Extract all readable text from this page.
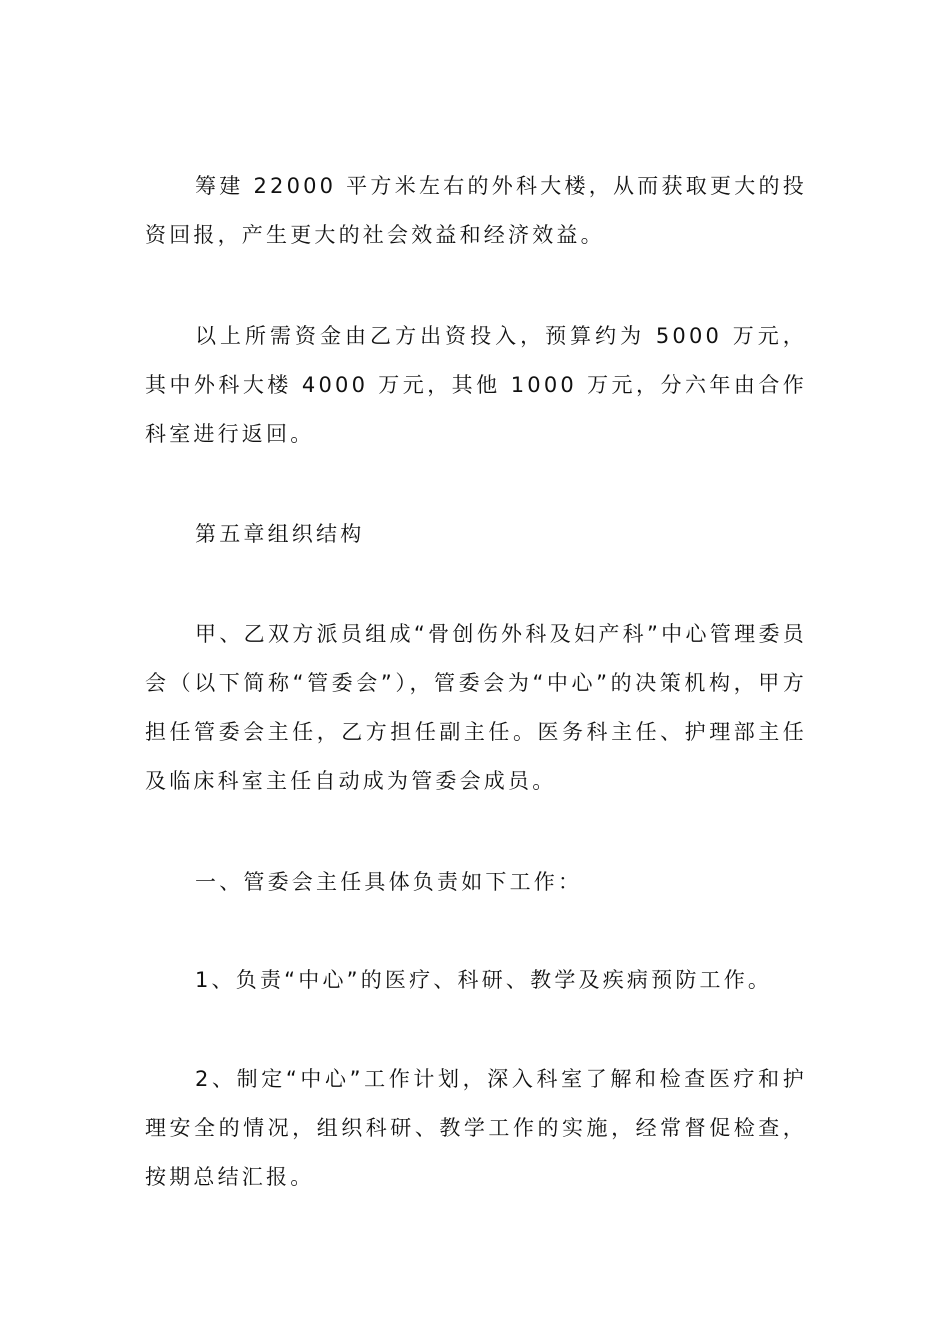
筹建 22000 平方米左右的外科大楼，从而获取更大的投资回报，产生更大的社会效益和经济效益。

以上所需资金由乙方出资投入，预算约为 5000 万元，其中外科大楼 4000 万元，其他 1000 万元，分六年由合作科室进行返回。

第五章组织结构

甲、乙双方派员组成“骨创伤外科及妇产科”中心管理委员会（以下简称“管委会”），管委会为“中心”的决策机构，甲方担任管委会主任，乙方担任副主任。医务科主任、护理部主任及临床科室主任自动成为管委会成员。

一、管委会主任具体负责如下工作：

1、负责“中心”的医疗、科研、教学及疾病预防工作。

2、制定“中心”工作计划，深入科室了解和检查医疗和护理安全的情况，组织科研、教学工作的实施，经常督促检查，按期总结汇报。
